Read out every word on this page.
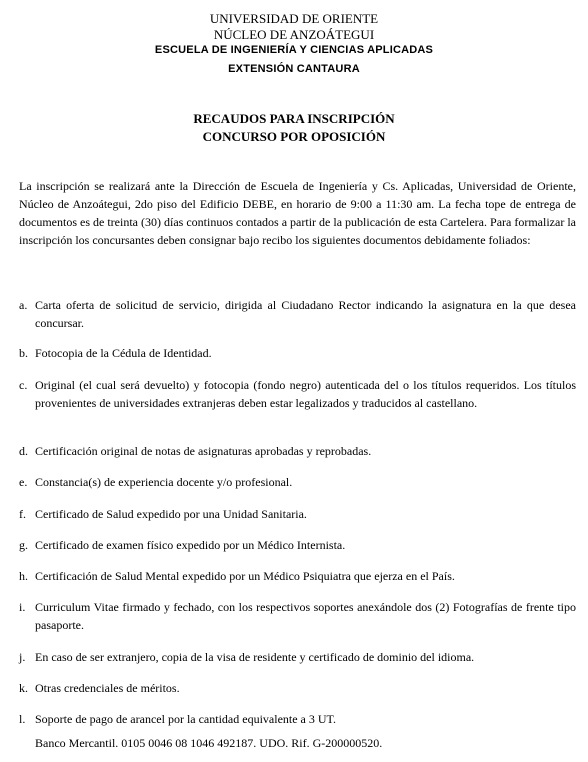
UNIVERSIDAD DE ORIENTE
NÚCLEO DE ANZOÁTEGUI
ESCUELA DE INGENIERÍA Y CIENCIAS APLICADAS
EXTENSIÓN CANTAURA
RECAUDOS PARA INSCRIPCIÓN
CONCURSO POR OPOSICIÓN
La inscripción se realizará ante la Dirección de Escuela de Ingeniería y Cs. Aplicadas, Universidad de Oriente, Núcleo de Anzoátegui, 2do piso del Edificio DEBE, en horario de 9:00 a 11:30 am. La fecha tope de entrega de documentos es de treinta (30) días continuos contados a partir de la publicación de esta Cartelera. Para formalizar la inscripción los concursantes deben consignar bajo recibo los siguientes documentos debidamente foliados:
a. Carta oferta de solicitud de servicio, dirigida al Ciudadano Rector indicando la asignatura en la que desea concursar.
b. Fotocopia de la Cédula de Identidad.
c. Original (el cual será devuelto) y fotocopia (fondo negro) autenticada del o los títulos requeridos. Los títulos provenientes de universidades extranjeras deben estar legalizados y traducidos al castellano.
d. Certificación original de notas de asignaturas aprobadas y reprobadas.
e. Constancia(s) de experiencia docente y/o profesional.
f. Certificado de Salud expedido por una Unidad Sanitaria.
g. Certificado de examen físico expedido por un Médico Internista.
h. Certificación de Salud Mental expedido por un Médico Psiquiatra que ejerza en el País.
i. Curriculum Vitae firmado y fechado, con los respectivos soportes anexándole dos (2) Fotografías de frente tipo pasaporte.
j. En caso de ser extranjero, copia de la visa de residente y certificado de dominio del idioma.
k. Otras credenciales de méritos.
l. Soporte de pago de arancel por la cantidad equivalente a 3 UT.
Banco Mercantil. 0105 0046 08 1046 492187. UDO. Rif. G-200000520.
